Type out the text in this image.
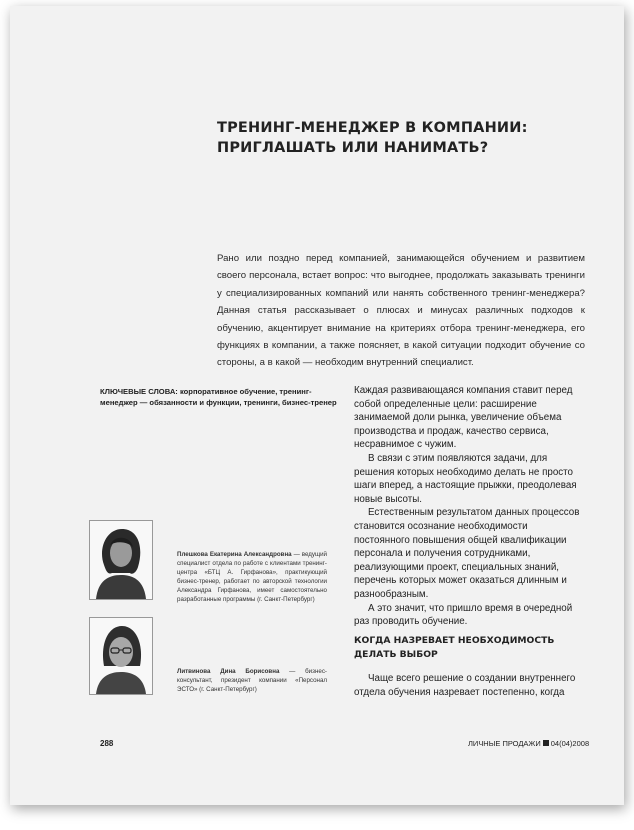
ТРЕНИНГ-МЕНЕДЖЕР В КОМПАНИИ:
ПРИГЛАШАТЬ ИЛИ НАНИМАТЬ?

Рано или поздно перед компанией, занимающейся обучением и развитием своего персонала, встает вопрос: что выгоднее, продолжать заказывать тренинги у специализированных компаний или нанять собственного тренинг-менеджера? Данная статья рассказывает о плюсах и минусах различных подходов к обучению, акцентирует внимание на критериях отбора тренинг-менеджера, его функциях в компании, а также поясняет, в какой ситуации подходит обучение со стороны, а в какой — необходим внутренний специалист.

КЛЮЧЕВЫЕ СЛОВА: корпоративное обучение, тренинг-менеджер — обязанности и функции, тренинги, бизнес-тренер

Каждая развивающаяся компания ставит перед собой определенные цели: расширение занимаемой доли рынка, увеличение объема производства и продаж, качество сервиса, несравнимое с чужим.

В связи с этим появляются задачи, для решения которых необходимо делать не просто шаги вперед, а настоящие прыжки, преодолевая новые высоты.

Естественным результатом данных процессов становится осознание необходимости постоянного повышения общей квалификации персонала и получения сотрудниками, реализующими проект, специальных знаний, перечень которых может оказаться длинным и разнообразным.

А это значит, что пришло время в очередной раз проводить обучение.

КОГДА НАЗРЕВАЕТ НЕОБХОДИМОСТЬ ДЕЛАТЬ ВЫБОР

Чаще всего решение о создании внутреннего отдела обучения назревает постепенно, когда

Плешкова Екатерина Александровна — ведущий специалист отдела по работе с клиентами тренинг-центра «БТЦ А. Гирфанова», практикующий бизнес-тренер, работает по авторской технологии Александра Гирфанова, имеет самостоятельно разработанные программы (г. Санкт-Петербург)

Литвинова Дина Борисовна — бизнес-консультант, президент компании «Персонал ЭСТО» (г. Санкт-Петербург)

288	ЛИЧНЫЕ ПРОДАЖИ 04(04)2008
